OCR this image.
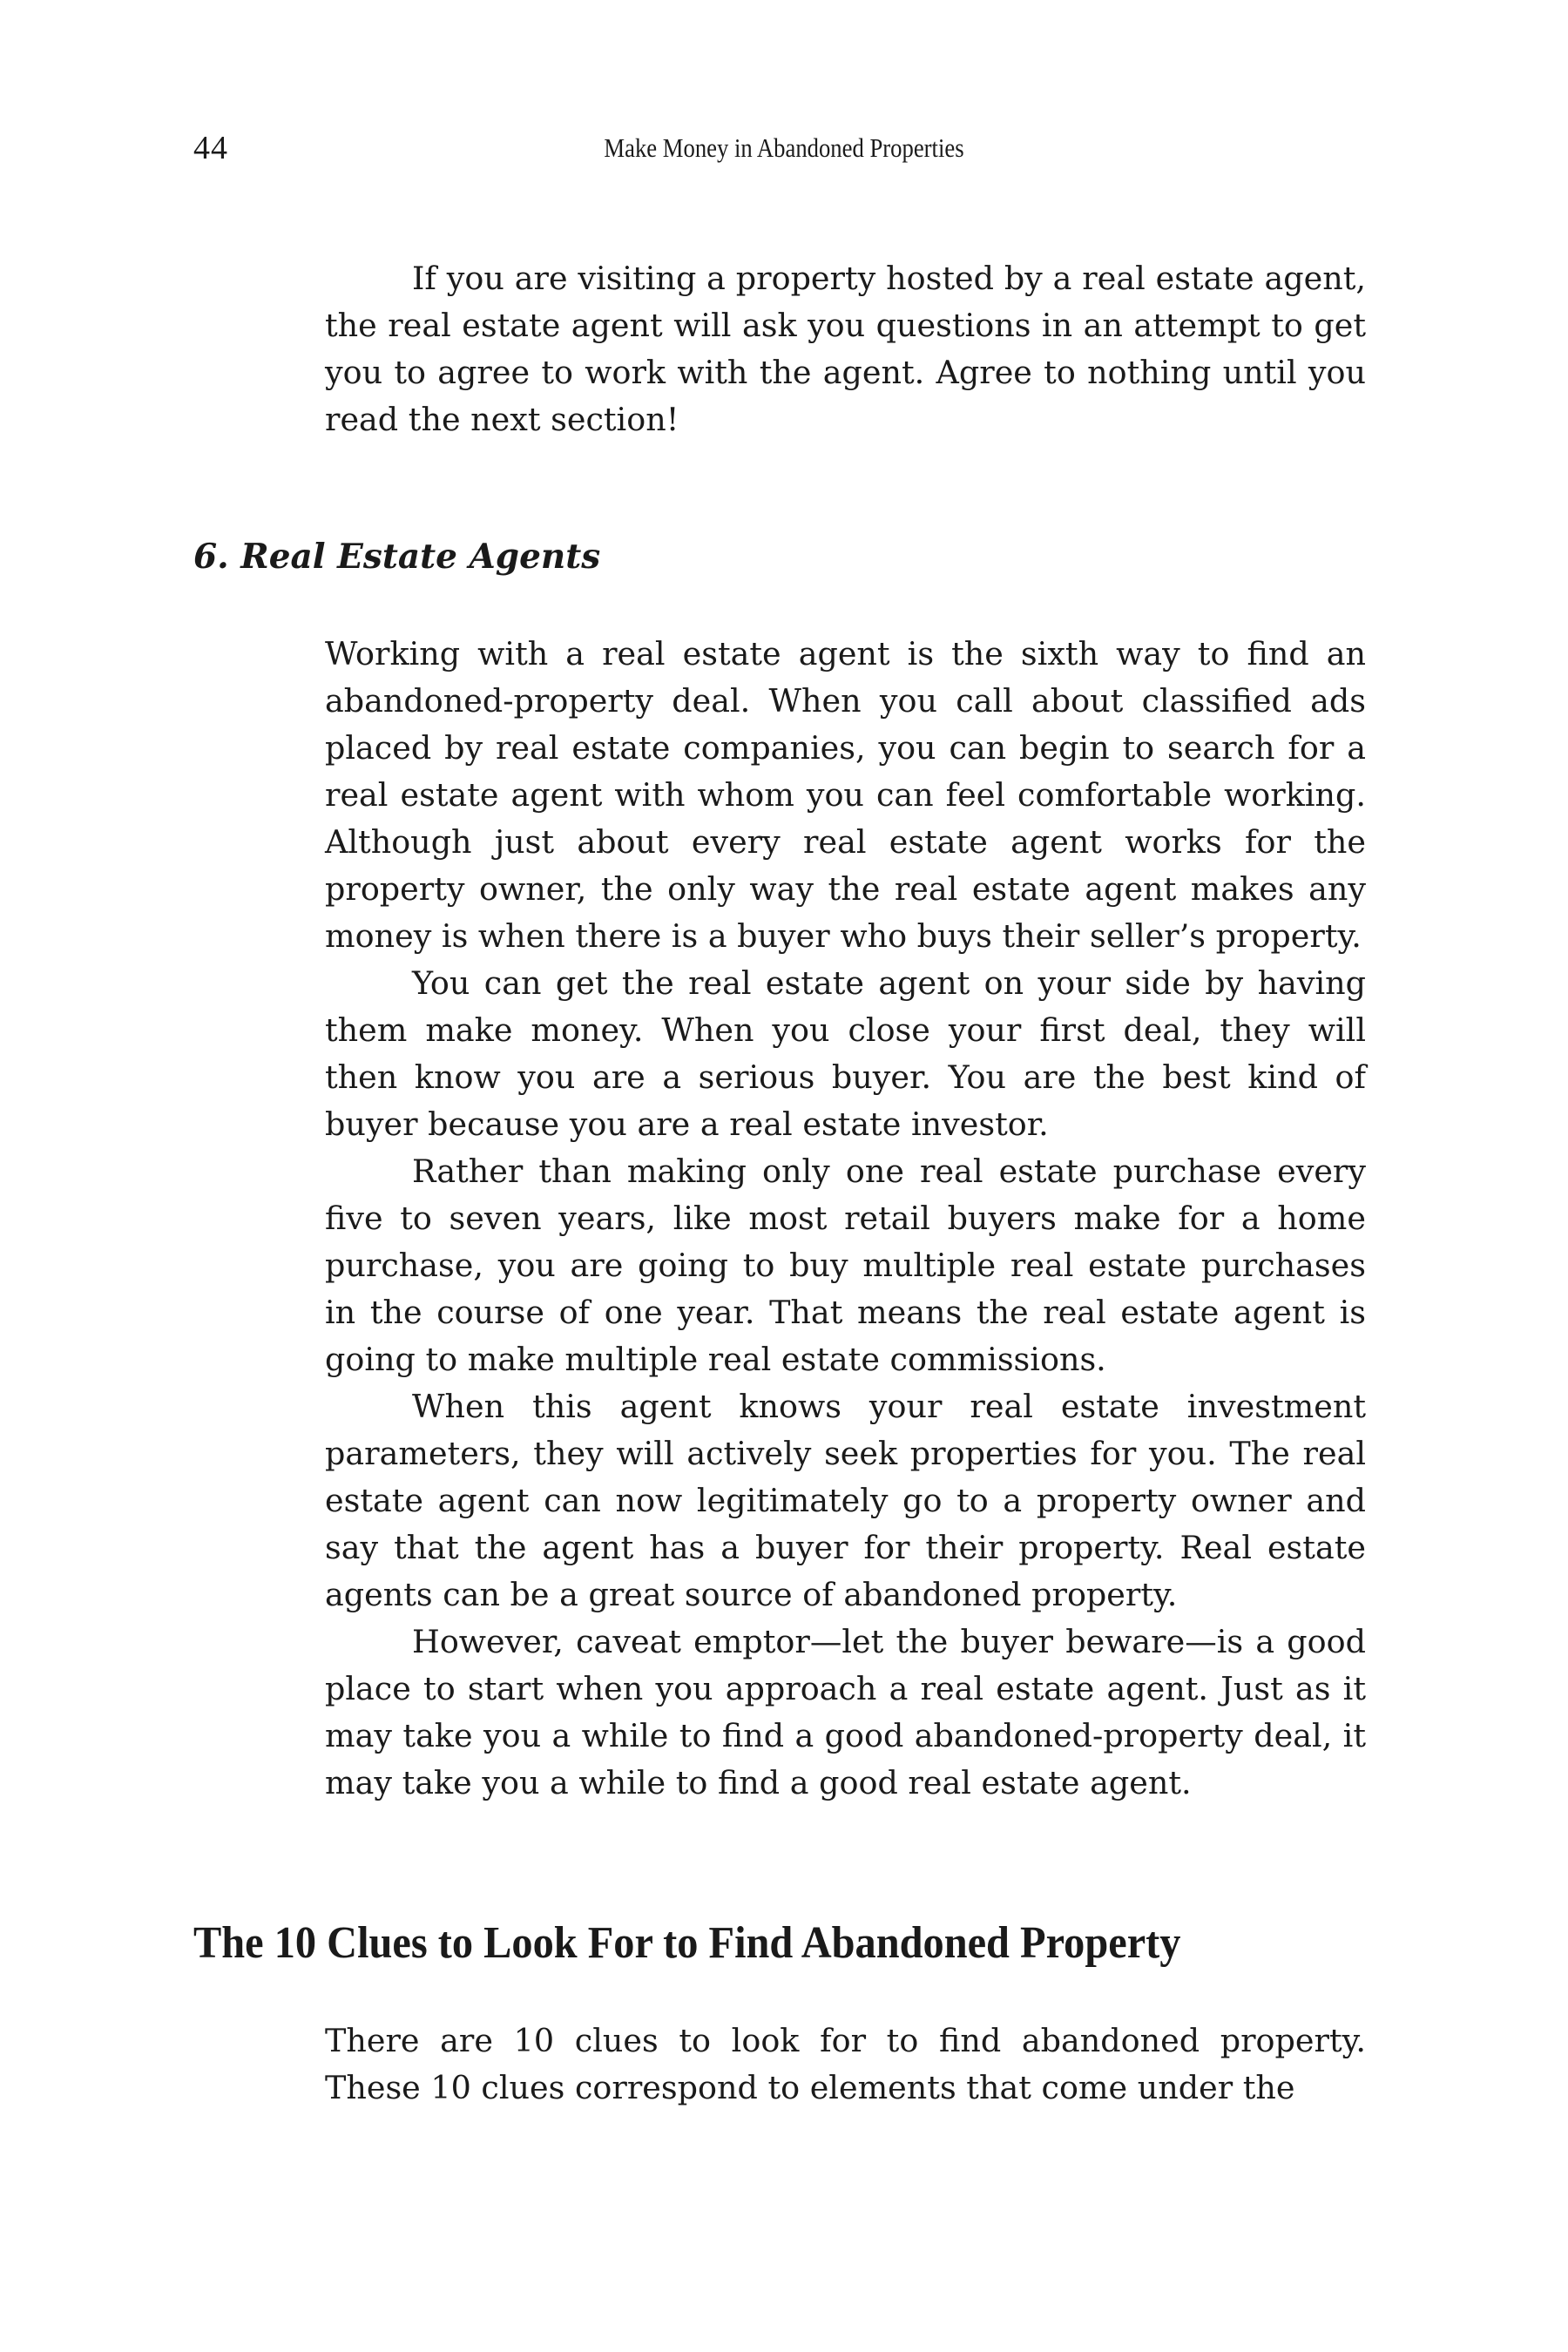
44	Make Money in Abandoned Properties

If you are visiting a property hosted by a real estate agent, the real estate agent will ask you questions in an attempt to get you to agree to work with the agent. Agree to nothing until you read the next section!

6. Real Estate Agents

Working with a real estate agent is the sixth way to find an abandoned-property deal. When you call about classified ads placed by real estate companies, you can begin to search for a real estate agent with whom you can feel comfortable working. Although just about every real estate agent works for the property owner, the only way the real estate agent makes any money is when there is a buyer who buys their seller’s property.

You can get the real estate agent on your side by having them make money. When you close your first deal, they will then know you are a serious buyer. You are the best kind of buyer because you are a real estate investor.

Rather than making only one real estate purchase every five to seven years, like most retail buyers make for a home purchase, you are going to buy multiple real estate purchases in the course of one year. That means the real estate agent is going to make multiple real estate commissions.

When this agent knows your real estate investment parameters, they will actively seek properties for you. The real estate agent can now legitimately go to a property owner and say that the agent has a buyer for their property. Real estate agents can be a great source of abandoned property.

However, caveat emptor—let the buyer beware—is a good place to start when you approach a real estate agent. Just as it may take you a while to find a good abandoned-property deal, it may take you a while to find a good real estate agent.

The 10 Clues to Look For to Find Abandoned Property

There are 10 clues to look for to find abandoned property. These 10 clues correspond to elements that come under the
